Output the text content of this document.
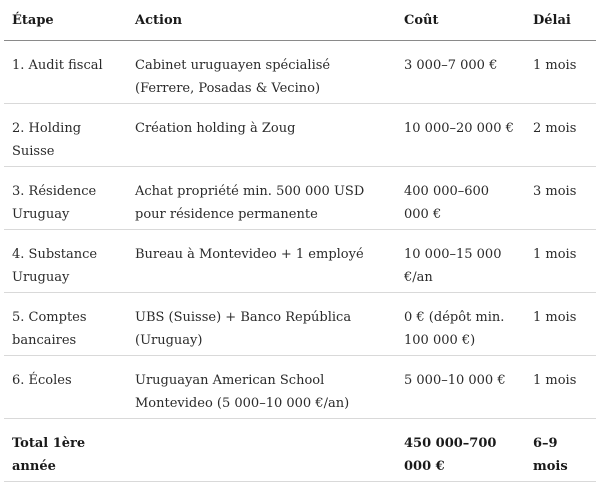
Étape	Action	Coût	Délai
1. Audit fiscal	Cabinet uruguayen spécialisé (Ferrere, Posadas & Vecino)	3 000–7 000 €	1 mois
2. Holding Suisse	Création holding à Zoug	10 000–20 000 €	2 mois
3. Résidence Uruguay	Achat propriété min. 500 000 USD pour résidence permanente	400 000–600 000 €	3 mois
4. Substance Uruguay	Bureau à Montevideo + 1 employé	10 000–15 000 €/an	1 mois
5. Comptes bancaires	UBS (Suisse) + Banco República (Uruguay)	0 € (dépôt min. 100 000 €)	1 mois
6. Écoles	Uruguayan American School Montevideo (5 000–10 000 €/an)	5 000–10 000 €	1 mois
Total 1ère année		450 000–700 000 €	6–9 mois
